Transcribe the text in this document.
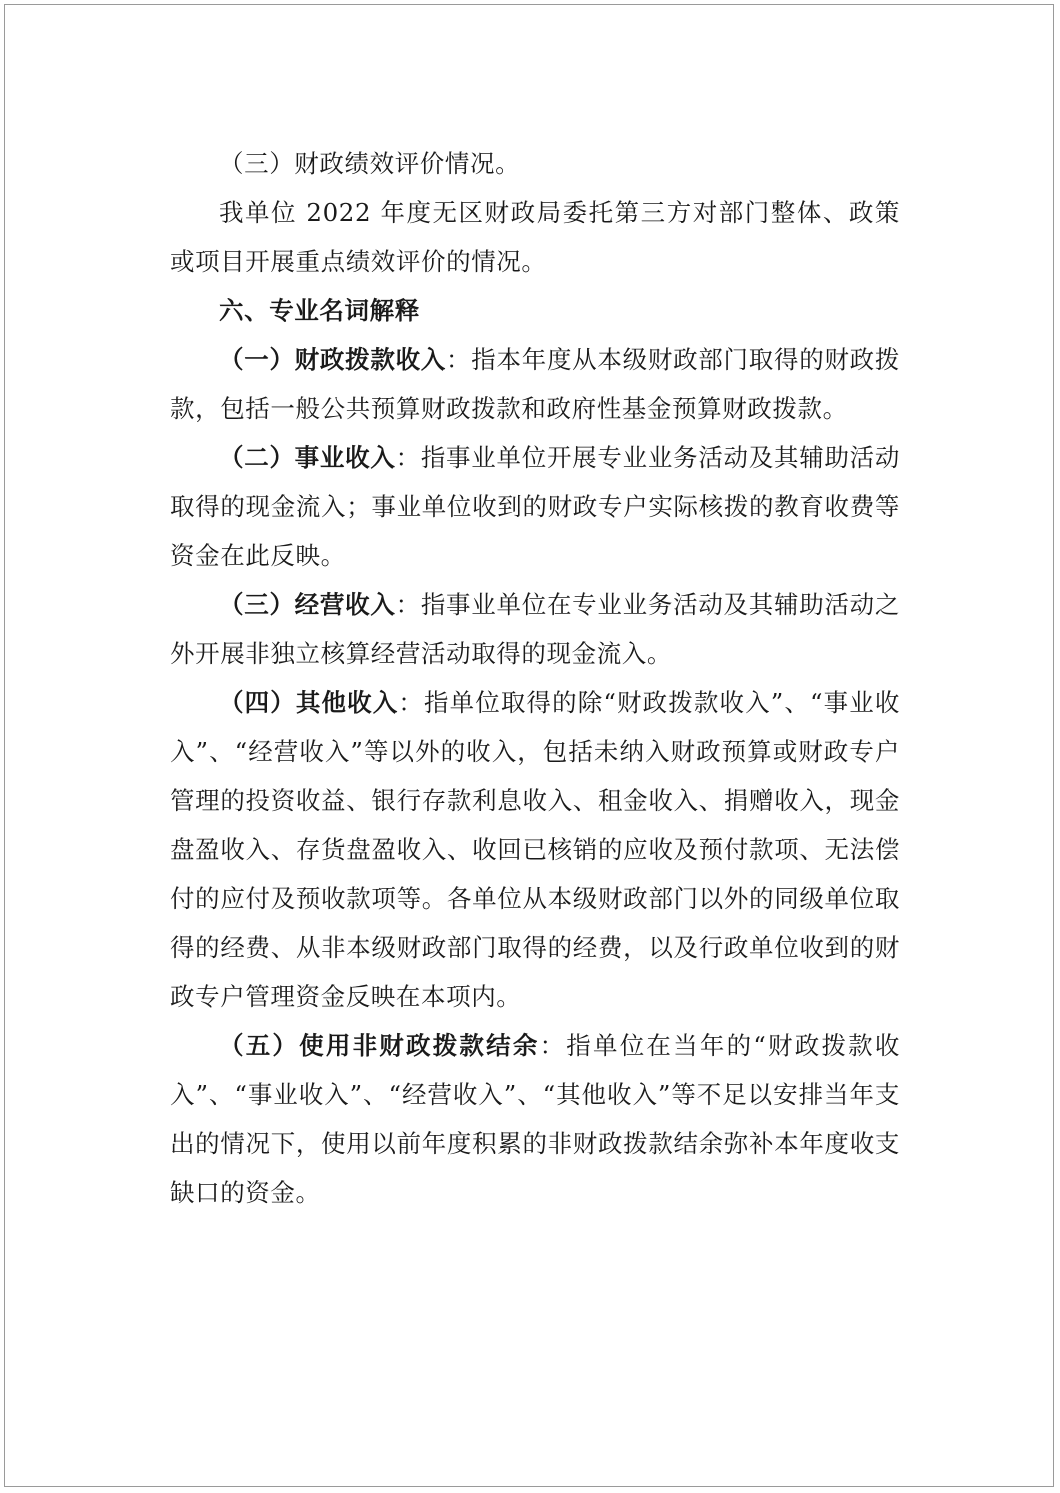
（三）财政绩效评价情况。

我单位 2022 年度无区财政局委托第三方对部门整体、政策或项目开展重点绩效评价的情况。

六、专业名词解释

（一）财政拨款收入：指本年度从本级财政部门取得的财政拨款，包括一般公共预算财政拨款和政府性基金预算财政拨款。

（二）事业收入：指事业单位开展专业业务活动及其辅助活动取得的现金流入；事业单位收到的财政专户实际核拨的教育收费等资金在此反映。

（三）经营收入：指事业单位在专业业务活动及其辅助活动之外开展非独立核算经营活动取得的现金流入。

（四）其他收入：指单位取得的除“财政拨款收入”、“事业收入”、“经营收入”等以外的收入，包括未纳入财政预算或财政专户管理的投资收益、银行存款利息收入、租金收入、捐赠收入，现金盘盈收入、存货盘盈收入、收回已核销的应收及预付款项、无法偿付的应付及预收款项等。各单位从本级财政部门以外的同级单位取得的经费、从非本级财政部门取得的经费，以及行政单位收到的财政专户管理资金反映在本项内。

（五）使用非财政拨款结余：指单位在当年的“财政拨款收入”、“事业收入”、“经营收入”、“其他收入”等不足以安排当年支出的情况下，使用以前年度积累的非财政拨款结余弥补本年度收支缺口的资金。
